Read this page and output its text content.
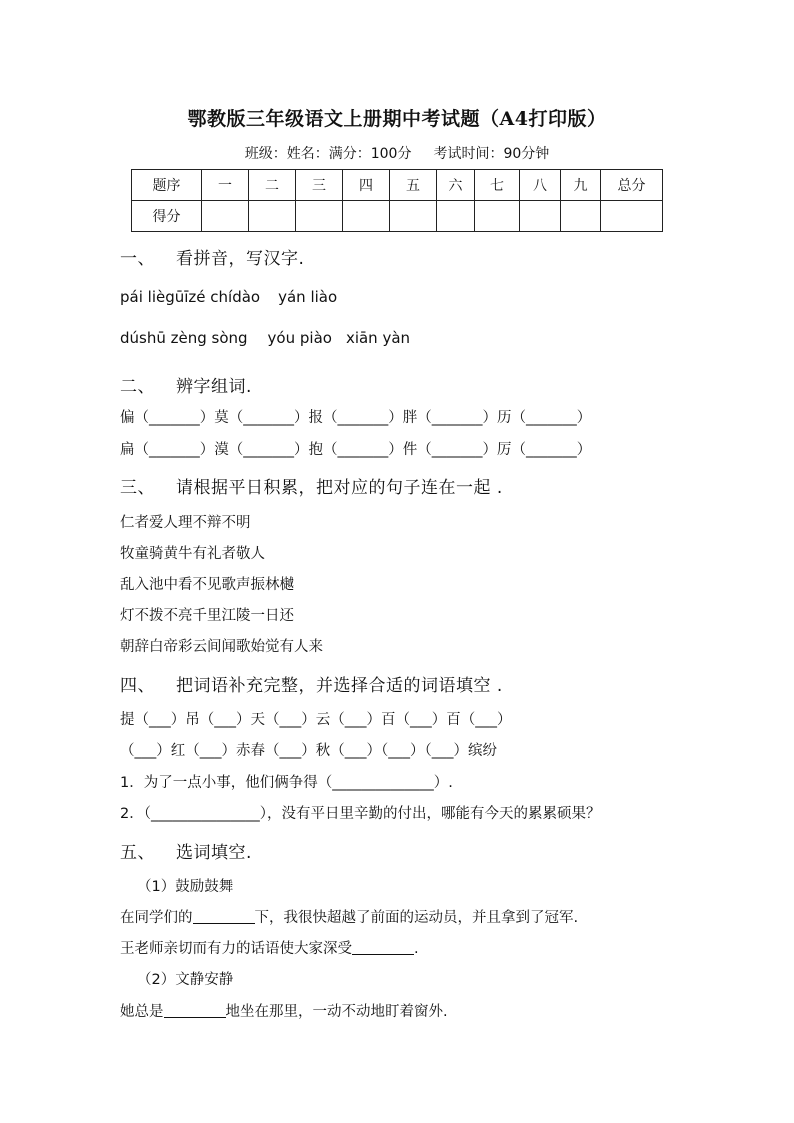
鄂教版三年级语文上册期中考试题（A4打印版）
班级：姓名：满分：100分 考试时间：90分钟
题序	一	二	三	四	五	六	七	八	九	总分
得分										
一、 看拼音，写汉字.
pái liègūīzé chídào yán liào
dúshū zèng sòng yóu piào xiān yàn
二、 辨字组词.
偏（_______）莫（_______）报（_______）胖（_______）历（_______）
扁（_______）漠（_______）抱（_______）件（_______）厉（_______）
三、 请根据平日积累，把对应的句子连在一起 .
仁者爱人理不辩不明
牧童骑黄牛有礼者敬人
乱入池中看不见歌声振林樾
灯不拨不亮千里江陵一日还
朝辞白帝彩云间闻歌始觉有人来
四、 把词语补充完整，并选择合适的词语填空 .
提（___）吊（___）天（___）云（___）百（___）百（___）
（___）红（___）赤春（___）秋（___）（___）（___）缤纷
1．为了一点小事，他们俩争得（______________）.
2．（_______________），没有平日里辛勤的付出，哪能有今天的累累硕果？
五、 选词填空.
（1）鼓励鼓舞
在同学们的	下，我很快超越了前面的运动员，并且拿到了冠军.
王老师亲切而有力的话语使大家深受	.
（2）文静安静
她总是	地坐在那里，一动不动地盯着窗外.
